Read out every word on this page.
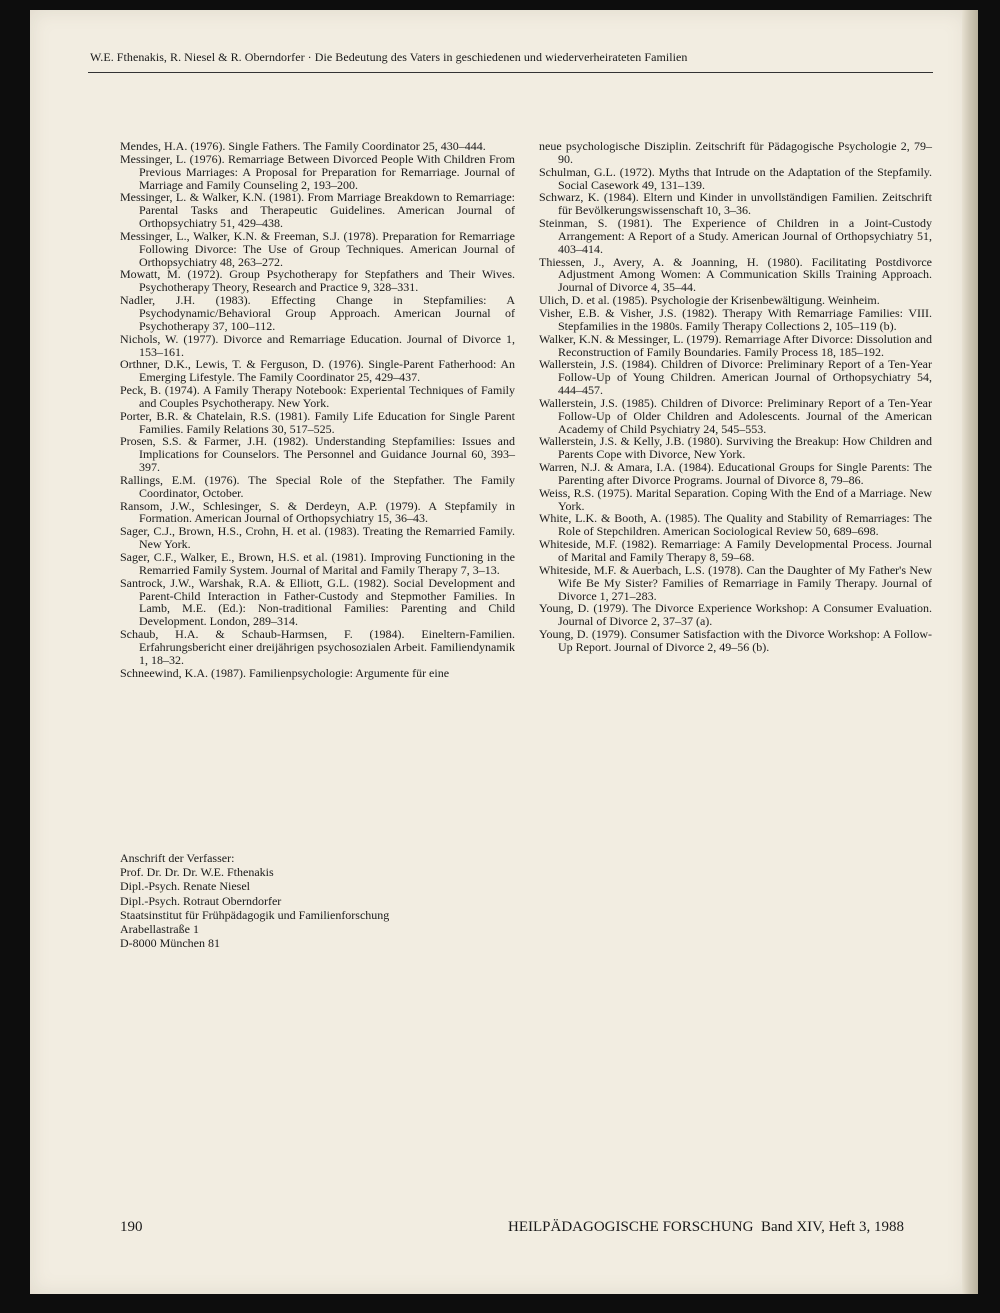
W.E. Fthenakis, R. Niesel & R. Oberndorfer · Die Bedeutung des Vaters in geschiedenen und wiederverheirateten Familien

Mendes, H.A. (1976). Single Fathers. The Family Coordinator 25, 430–444.

Messinger, L. (1976). Remarriage Between Divorced People With Children From Previous Marriages: A Proposal for Preparation for Remarriage. Journal of Marriage and Family Counseling 2, 193–200.

Messinger, L. & Walker, K.N. (1981). From Marriage Breakdown to Remarriage: Parental Tasks and Therapeutic Guidelines. American Journal of Orthopsychiatry 51, 429–438.

Messinger, L., Walker, K.N. & Freeman, S.J. (1978). Preparation for Remarriage Following Divorce: The Use of Group Techniques. American Journal of Orthopsychiatry 48, 263–272.

Mowatt, M. (1972). Group Psychotherapy for Stepfathers and Their Wives. Psychotherapy Theory, Research and Practice 9, 328–331.

Nadler, J.H. (1983). Effecting Change in Stepfamilies: A Psychodynamic/Behavioral Group Approach. American Journal of Psychotherapy 37, 100–112.

Nichols, W. (1977). Divorce and Remarriage Education. Journal of Divorce 1, 153–161.

Orthner, D.K., Lewis, T. & Ferguson, D. (1976). Single-Parent Fatherhood: An Emerging Lifestyle. The Family Coordinator 25, 429–437.

Peck, B. (1974). A Family Therapy Notebook: Experiental Techniques of Family and Couples Psychotherapy. New York.

Porter, B.R. & Chatelain, R.S. (1981). Family Life Education for Single Parent Families. Family Relations 30, 517–525.

Prosen, S.S. & Farmer, J.H. (1982). Understanding Stepfamilies: Issues and Implications for Counselors. The Personnel and Guidance Journal 60, 393–397.

Rallings, E.M. (1976). The Special Role of the Stepfather. The Family Coordinator, October.

Ransom, J.W., Schlesinger, S. & Derdeyn, A.P. (1979). A Stepfamily in Formation. American Journal of Orthopsychiatry 15, 36–43.

Sager, C.J., Brown, H.S., Crohn, H. et al. (1983). Treating the Remarried Family. New York.

Sager, C.F., Walker, E., Brown, H.S. et al. (1981). Improving Functioning in the Remarried Family System. Journal of Marital and Family Therapy 7, 3–13.

Santrock, J.W., Warshak, R.A. & Elliott, G.L. (1982). Social Development and Parent-Child Interaction in Father-Custody and Stepmother Families. In Lamb, M.E. (Ed.): Non-traditional Families: Parenting and Child Development. London, 289–314.

Schaub, H.A. & Schaub-Harmsen, F. (1984). Eineltern-Familien. Erfahrungsbericht einer dreijährigen psychosozialen Arbeit. Familiendynamik 1, 18–32.

Schneewind, K.A. (1987). Familienpsychologie: Argumente für eine

neue psychologische Disziplin. Zeitschrift für Pädagogische Psychologie 2, 79–90.

Schulman, G.L. (1972). Myths that Intrude on the Adaptation of the Stepfamily. Social Casework 49, 131–139.

Schwarz, K. (1984). Eltern und Kinder in unvollständigen Familien. Zeitschrift für Bevölkerungswissenschaft 10, 3–36.

Steinman, S. (1981). The Experience of Children in a Joint-Custody Arrangement: A Report of a Study. American Journal of Orthopsychiatry 51, 403–414.

Thiessen, J., Avery, A. & Joanning, H. (1980). Facilitating Postdivorce Adjustment Among Women: A Communication Skills Training Approach. Journal of Divorce 4, 35–44.

Ulich, D. et al. (1985). Psychologie der Krisenbewältigung. Weinheim.

Visher, E.B. & Visher, J.S. (1982). Therapy With Remarriage Families: VIII. Stepfamilies in the 1980s. Family Therapy Collections 2, 105–119 (b).

Walker, K.N. & Messinger, L. (1979). Remarriage After Divorce: Dissolution and Reconstruction of Family Boundaries. Family Process 18, 185–192.

Wallerstein, J.S. (1984). Children of Divorce: Preliminary Report of a Ten-Year Follow-Up of Young Children. American Journal of Orthopsychiatry 54, 444–457.

Wallerstein, J.S. (1985). Children of Divorce: Preliminary Report of a Ten-Year Follow-Up of Older Children and Adolescents. Journal of the American Academy of Child Psychiatry 24, 545–553.

Wallerstein, J.S. & Kelly, J.B. (1980). Surviving the Breakup: How Children and Parents Cope with Divorce, New York.

Warren, N.J. & Amara, I.A. (1984). Educational Groups for Single Parents: The Parenting after Divorce Programs. Journal of Divorce 8, 79–86.

Weiss, R.S. (1975). Marital Separation. Coping With the End of a Marriage. New York.

White, L.K. & Booth, A. (1985). The Quality and Stability of Remarriages: The Role of Stepchildren. American Sociological Review 50, 689–698.

Whiteside, M.F. (1982). Remarriage: A Family Developmental Process. Journal of Marital and Family Therapy 8, 59–68.

Whiteside, M.F. & Auerbach, L.S. (1978). Can the Daughter of My Father's New Wife Be My Sister? Families of Remarriage in Family Therapy. Journal of Divorce 1, 271–283.

Young, D. (1979). The Divorce Experience Workshop: A Consumer Evaluation. Journal of Divorce 2, 37–37 (a).

Young, D. (1979). Consumer Satisfaction with the Divorce Workshop: A Follow-Up Report. Journal of Divorce 2, 49–56 (b).

Anschrift der Verfasser:
Prof. Dr. Dr. Dr. W.E. Fthenakis
Dipl.-Psych. Renate Niesel
Dipl.-Psych. Rotraut Oberndorfer
Staatsinstitut für Frühpädagogik und Familienforschung
Arabellastraße 1
D-8000 München 81
190	HEILPÄDAGOGISCHE FORSCHUNG Band XIV, Heft 3, 1988
